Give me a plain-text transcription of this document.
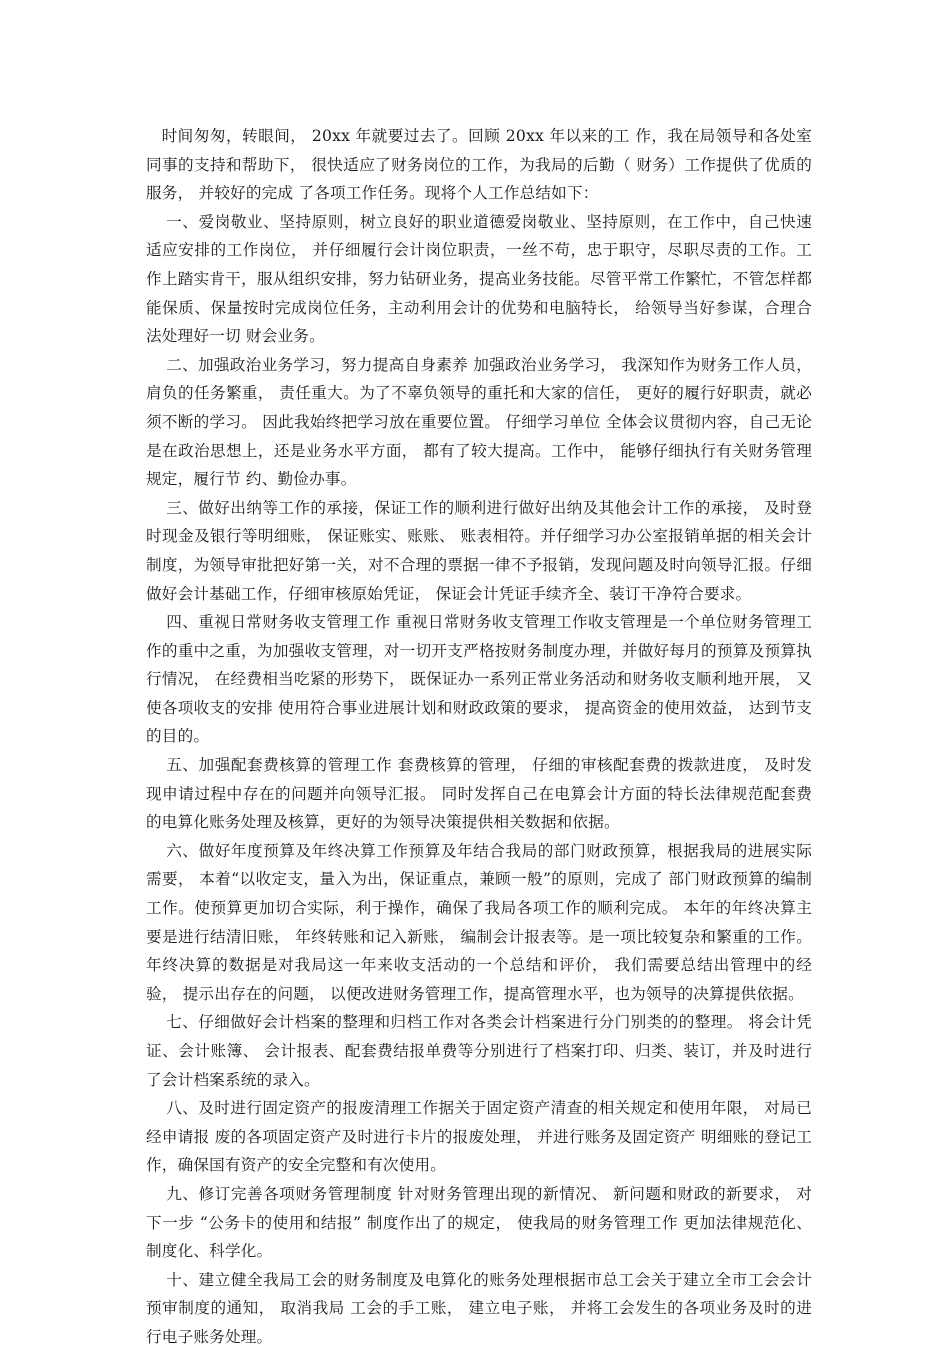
时间匆匆，转眼间， 20xx 年就要过去了。回顾 20xx 年以来的工 作，我在局领导和各处室同事的支持和帮助下， 很快适应了财务岗位的工作，为我局的后勤（ 财务）工作提供了优质的服务， 并较好的完成 了各项工作任务。现将个人工作总结如下：

一、爱岗敬业、坚持原则，树立良好的职业道德爱岗敬业、坚持原则，在工作中，自己快速适应安排的工作岗位， 并仔细履行会计岗位职责，一丝不苟，忠于职守，尽职尽责的工作。工作上踏实肯干，服从组织安排，努力钻研业务，提高业务技能。尽管平常工作繁忙，不管怎样都能保质、保量按时完成岗位任务，主动利用会计的优势和电脑特长， 给领导当好参谋，合理合法处理好一切 财会业务。

二、加强政治业务学习，努力提高自身素养 加强政治业务学习， 我深知作为财务工作人员， 肩负的任务繁重， 责任重大。为了不辜负领导的重托和大家的信任， 更好的履行好职责，就必须不断的学习。 因此我始终把学习放在重要位置。 仔细学习单位 全体会议贯彻内容，自己无论是在政治思想上，还是业务水平方面， 都有了较大提高。工作中， 能够仔细执行有关财务管理规定，履行节 约、勤俭办事。

三、做好出纳等工作的承接，保证工作的顺利进行做好出纳及其他会计工作的承接， 及时登时现金及银行等明细账， 保证账实、账账、 账表相符。并仔细学习办公室报销单据的相关会计制度，为领导审批把好第一关，对不合理的票据一律不予报销，发现问题及时向领导汇报。仔细做好会计基础工作，仔细审核原始凭证， 保证会计凭证手续齐全、装订干净符合要求。

四、重视日常财务收支管理工作 重视日常财务收支管理工作收支管理是一个单位财务管理工作的重中之重，为加强收支管理，对一切开支严格按财务制度办理，并做好每月的预算及预算执行情况， 在经费相当吃紧的形势下， 既保证办一系列正常业务活动和财务收支顺利地开展， 又使各项收支的安排 使用符合事业进展计划和财政政策的要求， 提高资金的使用效益， 达到节支的目的。

五、加强配套费核算的管理工作 套费核算的管理， 仔细的审核配套费的拨款进度， 及时发现申请过程中存在的问题并向领导汇报。 同时发挥自己在电算会计方面的特长法律规范配套费的电算化账务处理及核算，更好的为领导决策提供相关数据和依据。

六、做好年度预算及年终决算工作预算及年结合我局的部门财政预算，根据我局的进展实际需要， 本着“以收定支，量入为出，保证重点，兼顾一般”的原则，完成了 部门财政预算的编制工作。使预算更加切合实际，利于操作，确保了我局各项工作的顺利完成。 本年的年终决算主要是进行结清旧账， 年终转账和记入新账， 编制会计报表等。是一项比较复杂和繁重的工作。 年终决算的数据是对我局这一年来收支活动的一个总结和评价， 我们需要总结出管理中的经验， 提示出存在的问题， 以便改进财务管理工作，提高管理水平，也为领导的决算提供依据。

七、仔细做好会计档案的整理和归档工作对各类会计档案进行分门别类的的整理。 将会计凭证、会计账簿、 会计报表、配套费结报单费等分别进行了档案打印、归类、装订，并及时进行了会计档案系统的录入。

八、及时进行固定资产的报废清理工作据关于固定资产清查的相关规定和使用年限， 对局已经申请报 废的各项固定资产及时进行卡片的报废处理， 并进行账务及固定资产 明细账的登记工作，确保国有资产的安全完整和有次使用。

九、修订完善各项财务管理制度 针对财务管理出现的新情况、 新问题和财政的新要求， 对下一步 “公务卡的使用和结报” 制度作出了的规定， 使我局的财务管理工作 更加法律规范化、制度化、科学化。

十、建立健全我局工会的财务制度及电算化的账务处理根据市总工会关于建立全市工会会计预审制度的通知， 取消我局 工会的手工账， 建立电子账， 并将工会发生的各项业务及时的进行电子账务处理。
